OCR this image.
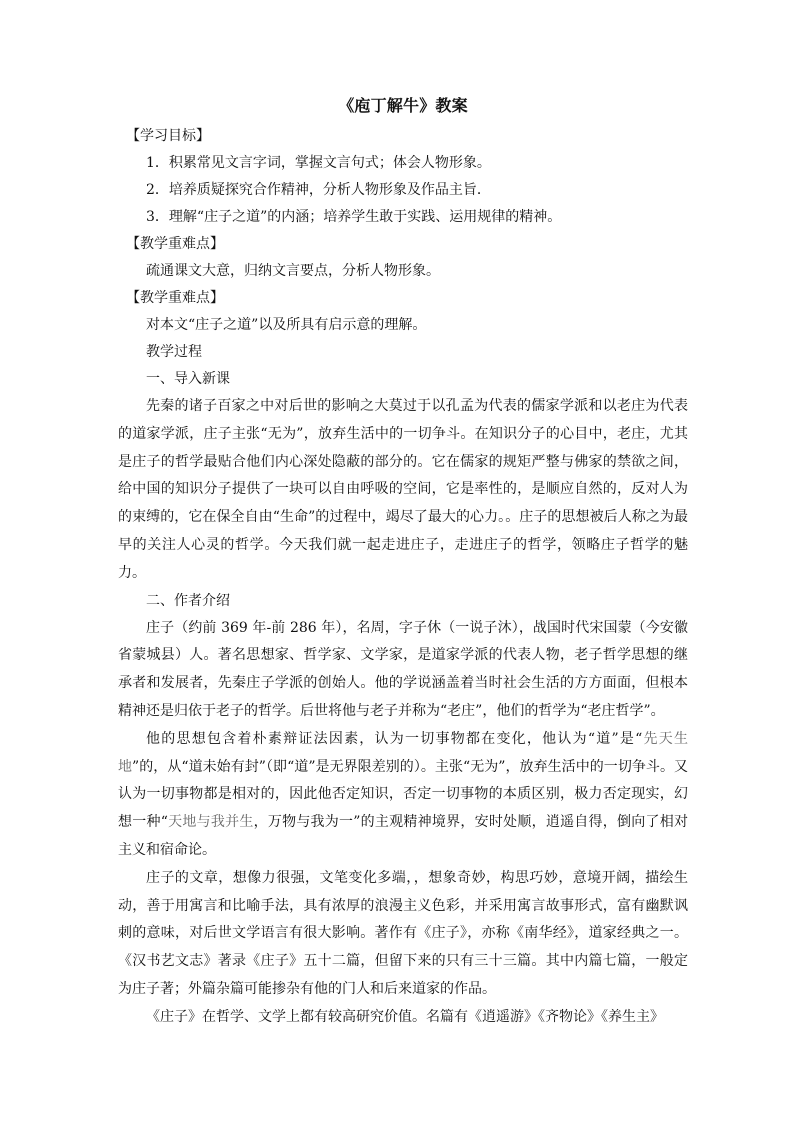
《庖丁解牛》教案
【学习目标】
1．积累常见文言字词，掌握文言句式；体会人物形象。
2．培养质疑探究合作精神，分析人物形象及作品主旨．
3．理解“庄子之道”的内涵；培养学生敢于实践、运用规律的精神。
【教学重难点】
疏通课文大意，归纳文言要点，分析人物形象。
【教学重难点】
对本文“庄子之道”以及所具有启示意的理解。
教学过程
一、导入新课
先秦的诸子百家之中对后世的影响之大莫过于以孔孟为代表的儒家学派和以老庄为代表的道家学派，庄子主张“无为”，放弃生活中的一切争斗。在知识分子的心目中，老庄，尤其是庄子的哲学最贴合他们内心深处隐蔽的部分的。它在儒家的规矩严整与佛家的禁欲之间，给中国的知识分子提供了一块可以自由呼吸的空间，它是率性的，是顺应自然的，反对人为的束缚的，它在保全自由“生命”的过程中，竭尽了最大的心力。。庄子的思想被后人称之为最早的关注人心灵的哲学。今天我们就一起走进庄子，走进庄子的哲学，领略庄子哲学的魅力。
二、作者介绍
庄子（约前 369 年-前 286 年），名周，字子休（一说子沐），战国时代宋国蒙（今安徽省蒙城县）人。著名思想家、哲学家、文学家，是道家学派的代表人物，老子哲学思想的继承者和发展者，先秦庄子学派的创始人。他的学说涵盖着当时社会生活的方方面面，但根本精神还是归依于老子的哲学。后世将他与老子并称为“老庄”，他们的哲学为“老庄哲学”。
他的思想包含着朴素辩证法因素，认为一切事物都在变化，他认为“道”是“先天生地”的，从“道未始有封”（即“道”是无界限差别的）。主张“无为”，放弃生活中的一切争斗。又认为一切事物都是相对的，因此他否定知识，否定一切事物的本质区别，极力否定现实，幻想一种“天地与我并生，万物与我为一”的主观精神境界，安时处顺，逍遥自得，倒向了相对主义和宿命论。
庄子的文章，想像力很强，文笔变化多端，，想象奇妙，构思巧妙，意境开阔，描绘生动，善于用寓言和比喻手法，具有浓厚的浪漫主义色彩，并采用寓言故事形式，富有幽默讽刺的意味，对后世文学语言有很大影响。著作有《庄子》，亦称《南华经》，道家经典之一。《汉书艺文志》著录《庄子》五十二篇，但留下来的只有三十三篇。其中内篇七篇，一般定为庄子著；外篇杂篇可能掺杂有他的门人和后来道家的作品。
《庄子》在哲学、文学上都有较高研究价值。名篇有《逍遥游》《齐物论》《养生主》
